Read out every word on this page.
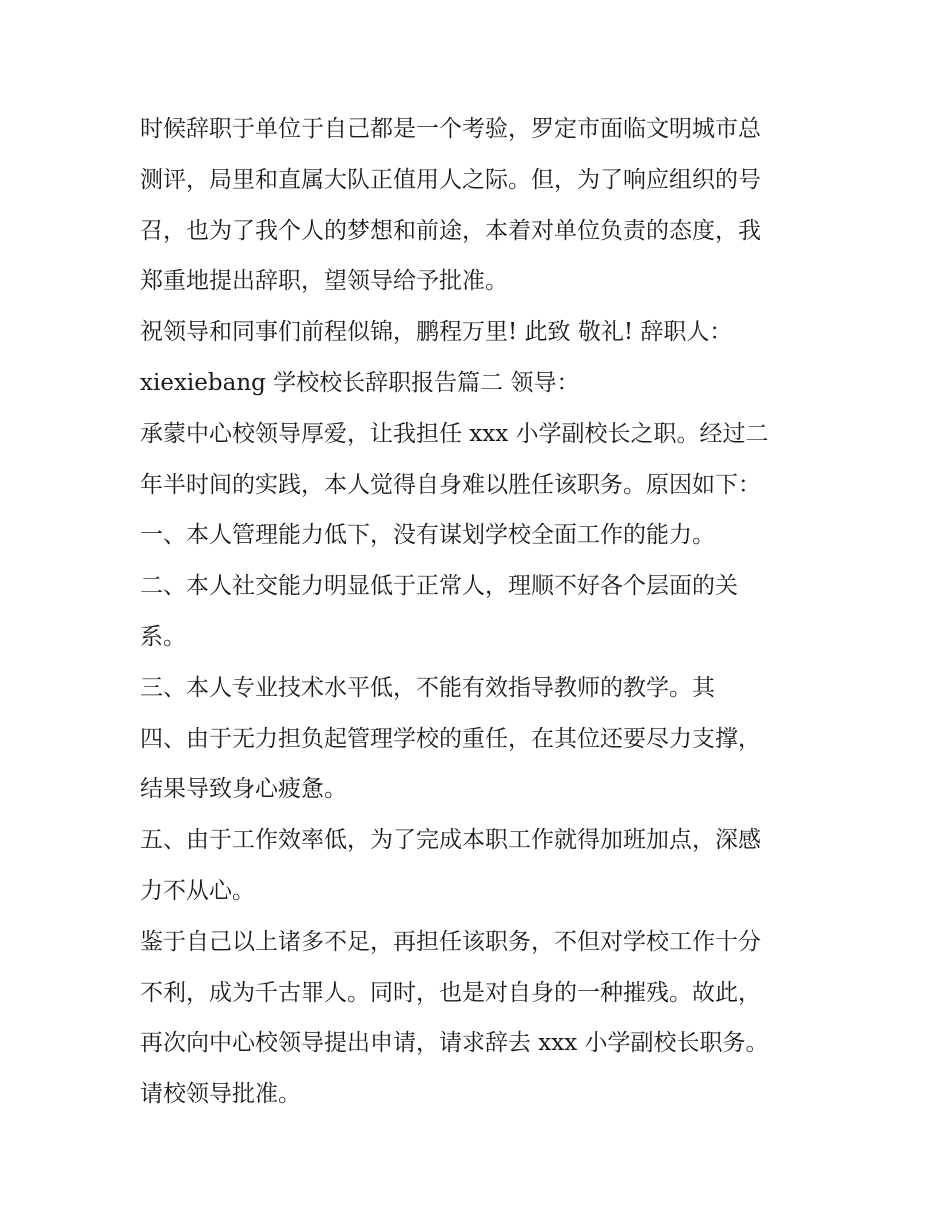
时候辞职于单位于自己都是一个考验，罗定市面临文明城市总
测评，局里和直属大队正值用人之际。但，为了响应组织的号
召，也为了我个人的梦想和前途，本着对单位负责的态度，我
郑重地提出辞职，望领导给予批准。
祝领导和同事们前程似锦，鹏程万里! 此致 敬礼! 辞职人：
xiexiebang 学校校长辞职报告篇二 领导：
承蒙中心校领导厚爱，让我担任 xxx 小学副校长之职。经过二
年半时间的实践，本人觉得自身难以胜任该职务。原因如下：
一、本人管理能力低下，没有谋划学校全面工作的能力。
二、本人社交能力明显低于正常人，理顺不好各个层面的关
系。
三、本人专业技术水平低，不能有效指导教师的教学。其
四、由于无力担负起管理学校的重任，在其位还要尽力支撑，
结果导致身心疲惫。
五、由于工作效率低，为了完成本职工作就得加班加点，深感
力不从心。
鉴于自己以上诸多不足，再担任该职务，不但对学校工作十分
不利，成为千古罪人。同时，也是对自身的一种摧残。故此，
再次向中心校领导提出申请，请求辞去 xxx 小学副校长职务。
请校领导批准。
